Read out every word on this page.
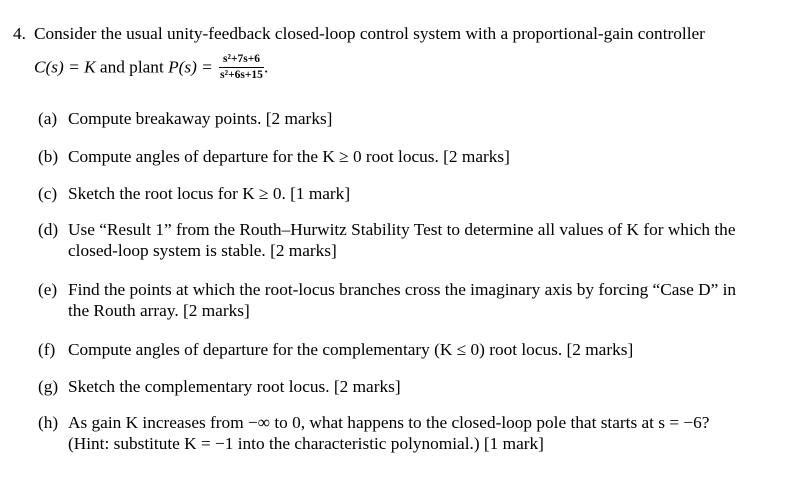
4. Consider the usual unity-feedback closed-loop control system with a proportional-gain controller
C(s) = K and plant $P(s) = \frac{\text{s²+7s+6}}{\text{s²+6s+15}}$ .
(a) Compute breakaway points. [2 marks]
(b) Compute angles of departure for the K ≥ 0 root locus. [2 marks]
(c) Sketch the root locus for K ≥ 0. [1 mark]
(d) Use “Result 1” from the Routh–Hurwitz Stability Test to determine all values of K for which the
closed-loop system is stable. [2 marks]
(e) Find the points at which the root-locus branches cross the imaginary axis by forcing “Case D” in
the Routh array. [2 marks]
(f) Compute angles of departure for the complementary (K ≤ 0) root locus. [2 marks]
(g) Sketch the complementary root locus. [2 marks]
(h) As gain K increases from −∞ to 0, what happens to the closed-loop pole that starts at s = −6?
(Hint: substitute K = −1 into the characteristic polynomial.) [1 mark]
